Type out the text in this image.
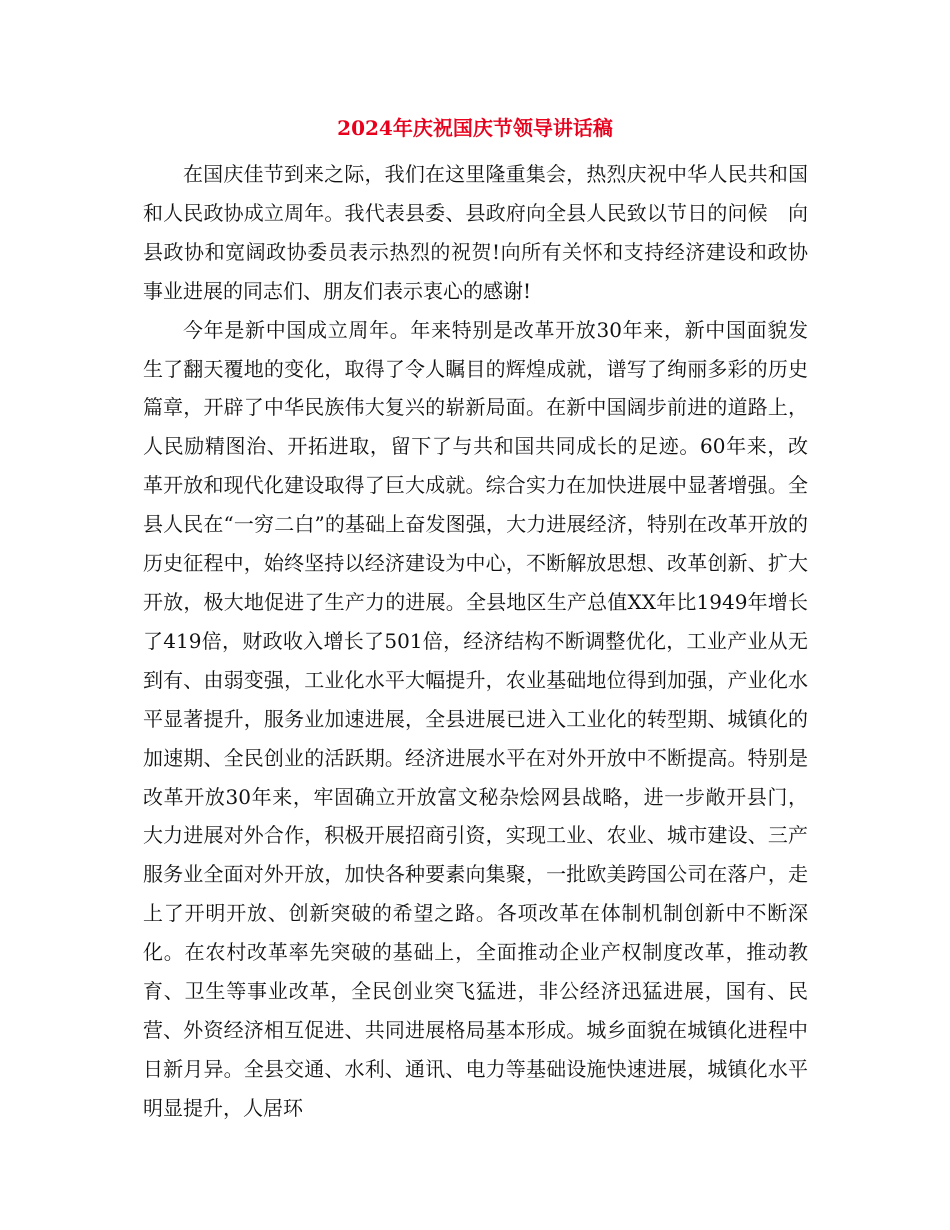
2024年庆祝国庆节领导讲话稿

在国庆佳节到来之际，我们在这里隆重集会，热烈庆祝中华人民共和国和人民政协成立周年。我代表县委、县政府向全县人民致以节日的问候　向县政协和宽阔政协委员表示热烈的祝贺!向所有关怀和支持经济建设和政协事业进展的同志们、朋友们表示衷心的感谢!

今年是新中国成立周年。年来特别是改革开放30年来，新中国面貌发生了翻天覆地的变化，取得了令人瞩目的辉煌成就，谱写了绚丽多彩的历史篇章，开辟了中华民族伟大复兴的崭新局面。在新中国阔步前进的道路上，人民励精图治、开拓进取，留下了与共和国共同成长的足迹。60年来，改革开放和现代化建设取得了巨大成就。综合实力在加快进展中显著增强。全县人民在“一穷二白”的基础上奋发图强，大力进展经济，特别在改革开放的历史征程中，始终坚持以经济建设为中心，不断解放思想、改革创新、扩大开放，极大地促进了生产力的进展。全县地区生产总值XX年比1949年增长了419倍，财政收入增长了501倍，经济结构不断调整优化，工业产业从无到有、由弱变强，工业化水平大幅提升，农业基础地位得到加强，产业化水平显著提升，服务业加速进展，全县进展已进入工业化的转型期、城镇化的加速期、全民创业的活跃期。经济进展水平在对外开放中不断提高。特别是改革开放30年来，牢固确立开放富文秘杂烩网县战略，进一步敞开县门，大力进展对外合作，积极开展招商引资，实现工业、农业、城市建设、三产服务业全面对外开放，加快各种要素向集聚，一批欧美跨国公司在落户，走上了开明开放、创新突破的希望之路。各项改革在体制机制创新中不断深化。在农村改革率先突破的基础上，全面推动企业产权制度改革，推动教育、卫生等事业改革，全民创业突飞猛进，非公经济迅猛进展，国有、民营、外资经济相互促进、共同进展格局基本形成。城乡面貌在城镇化进程中日新月异。全县交通、水利、通讯、电力等基础设施快速进展，城镇化水平明显提升，人居环
